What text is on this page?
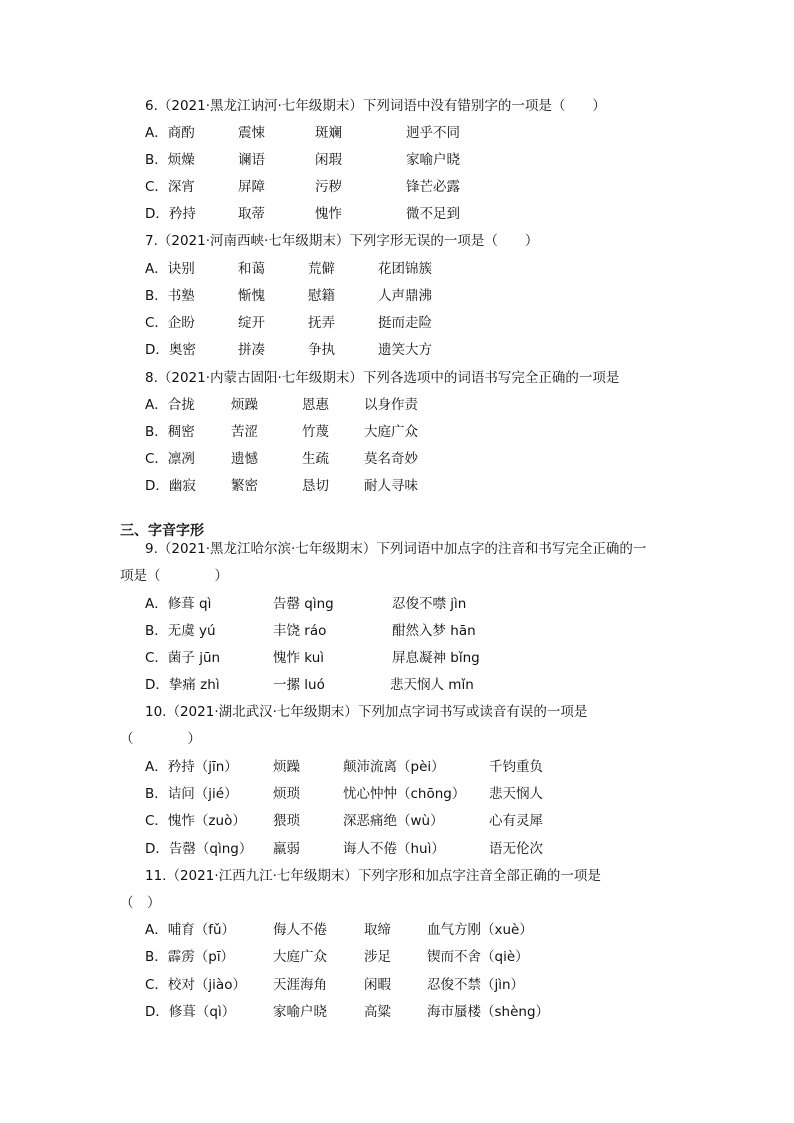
6.（2021·黑龙江讷河·七年级期末）下列词语中没有错别字的一项是（　　）
A．商酌	震悚	斑斓	迥乎不同
B．烦燥	谰语	闲瑕	家喻户晓
C．深宵	屏障	污秽	锋芒必露
D．矜持	取蒂	愧怍	微不足到
7.（2021·河南西峡·七年级期末）下列字形无误的一项是（　　）
A．诀别	和蔼	荒僻	花团锦簇
B．书塾	惭愧	慰籍	人声鼎沸
C．企盼	绽开	抚弄	挺而走险
D．奥密	拼凑	争执	遗笑大方
8.（2021·内蒙古固阳·七年级期末）下列各选项中的词语书写完全正确的一项是
A．合拢	烦躁	恩惠	以身作责
B．稠密	苦涩	竹蔑	大庭广众
C．凛冽	遗憾	生疏	莫名奇妙
D．幽寂	繁密	恳切	耐人寻味
三、字音字形
9.（2021·黑龙江哈尔滨·七年级期末）下列词语中加点字的注音和书写完全正确的一
项是（　　　　）
A．修葺 qì	告罄 qìng	忍俊不噤 jìn
B．无虞 yú	丰饶 ráo	酣然入梦 hān
C．菌子 jūn	愧怍 kuì	屏息凝神 bǐng
D．挚痛 zhì	一摞 luó	悲天悯人 mǐn
10.（2021·湖北武汉·七年级期末）下列加点字词书写或读音有误的一项是
（　　　　）
A．矜持（jīn）	烦躁	颠沛流离（pèi）	千钧重负
B．诘问（jié）	烦琐	忧心忡忡（chōng） 悲天悯人
C．愧怍（zuò） 猥琐	深恶痛绝（wù）	心有灵犀
D．告罄（qìng） 羸弱	诲人不倦（huì）	语无伦次
11.（2021·江西九江·七年级期末）下列字形和加点字注音全部正确的一项是
（　）
A．哺育（fǔ）	侮人不倦	取缔	血气方刚（xuè）
B．霹雳（pī）	大庭广众	涉足	锲而不舍（qiè）
C．校对（jiào） 天涯海角	闲暇	忍俊不禁（jìn）
D．修葺（qì）	家喻户晓	高粱	海市蜃楼（shèng）
